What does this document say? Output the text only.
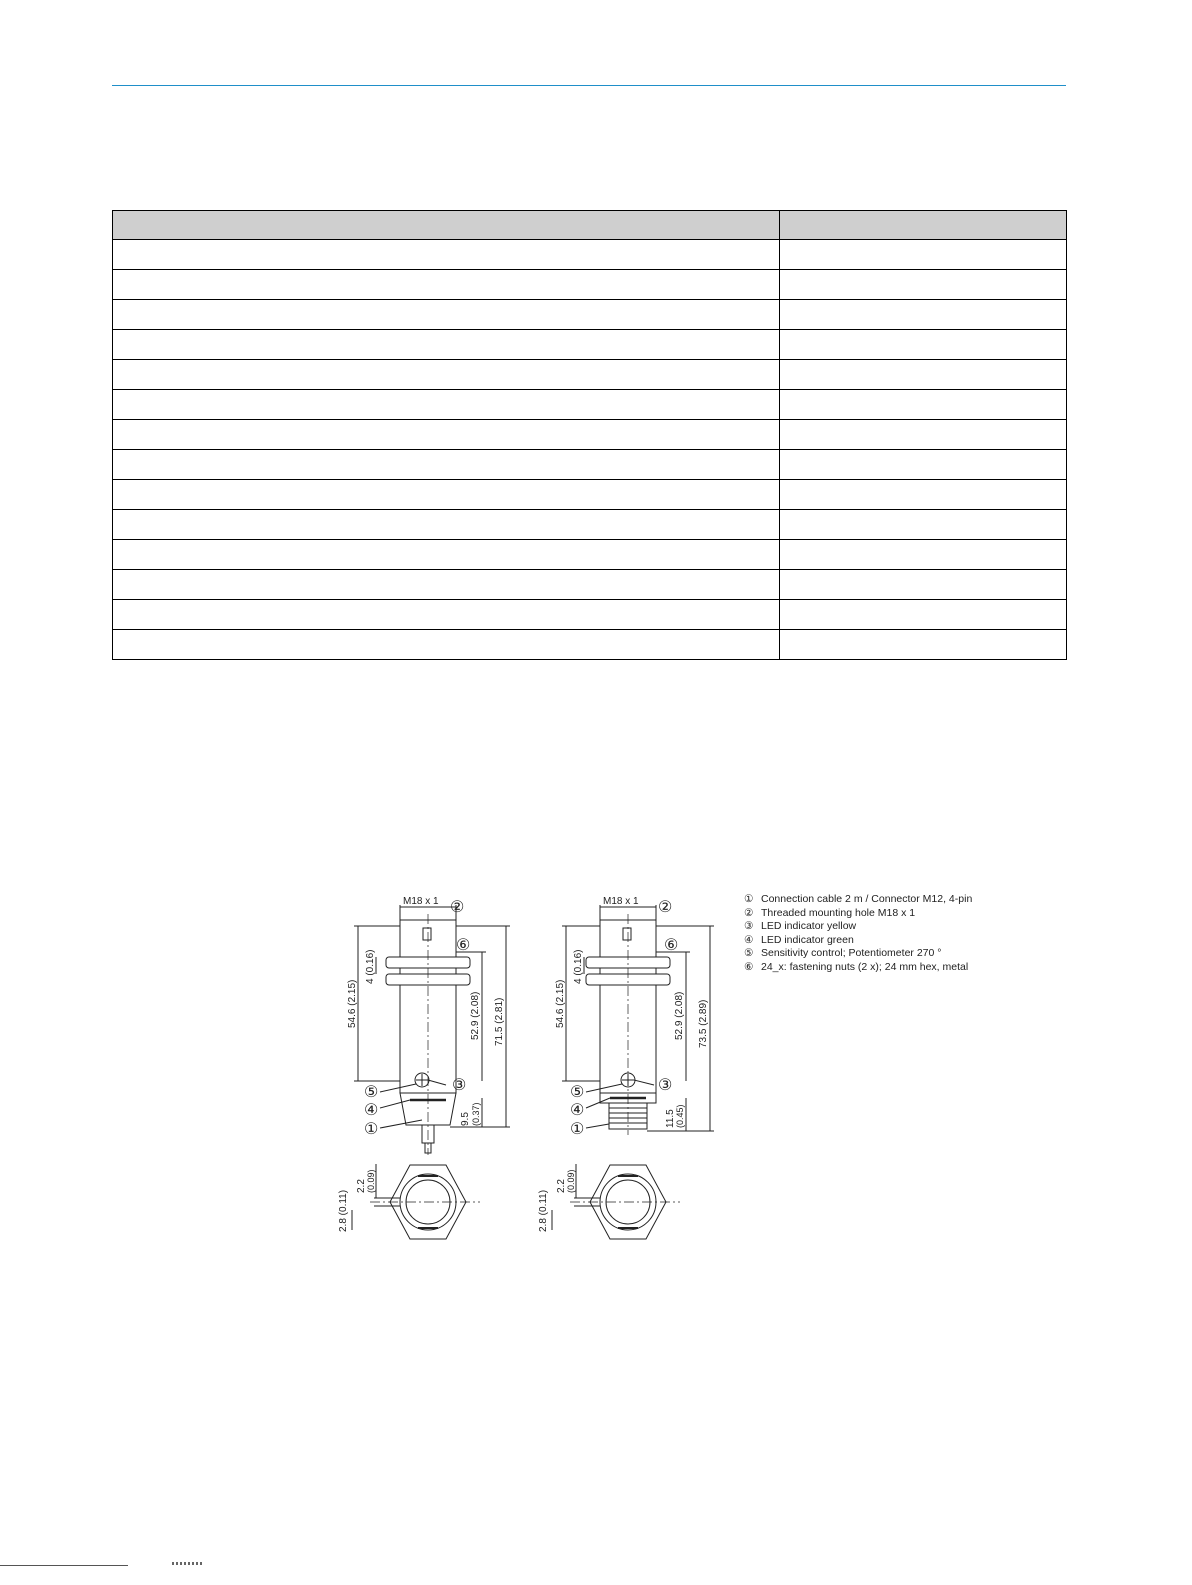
M18 x 1 ②
⑥
③
⑤
④
①
54.6 (2.15)
4 (0.16)
52.9 (2.08) 71.5 (2.81)
9.5 (0.37)
2.2 (0.09)
2.8 (0.11)
M18 x 1 ②
⑥
③
⑤
④
①
54.6 (2.15)
4 (0.16)
52.9 (2.08) 73.5 (2.89)
11.5 (0.45)
2.2 (0.09)
2.8 (0.11)
① Connection cable 2 m / Connector M12, 4-pin
② Threaded mounting hole M18 x 1
③ LED indicator yellow
④ LED indicator green
⑤ Sensitivity control; Potentiometer 270 °
⑥ 24_x: fastening nuts (2 x); 24 mm hex, metal
